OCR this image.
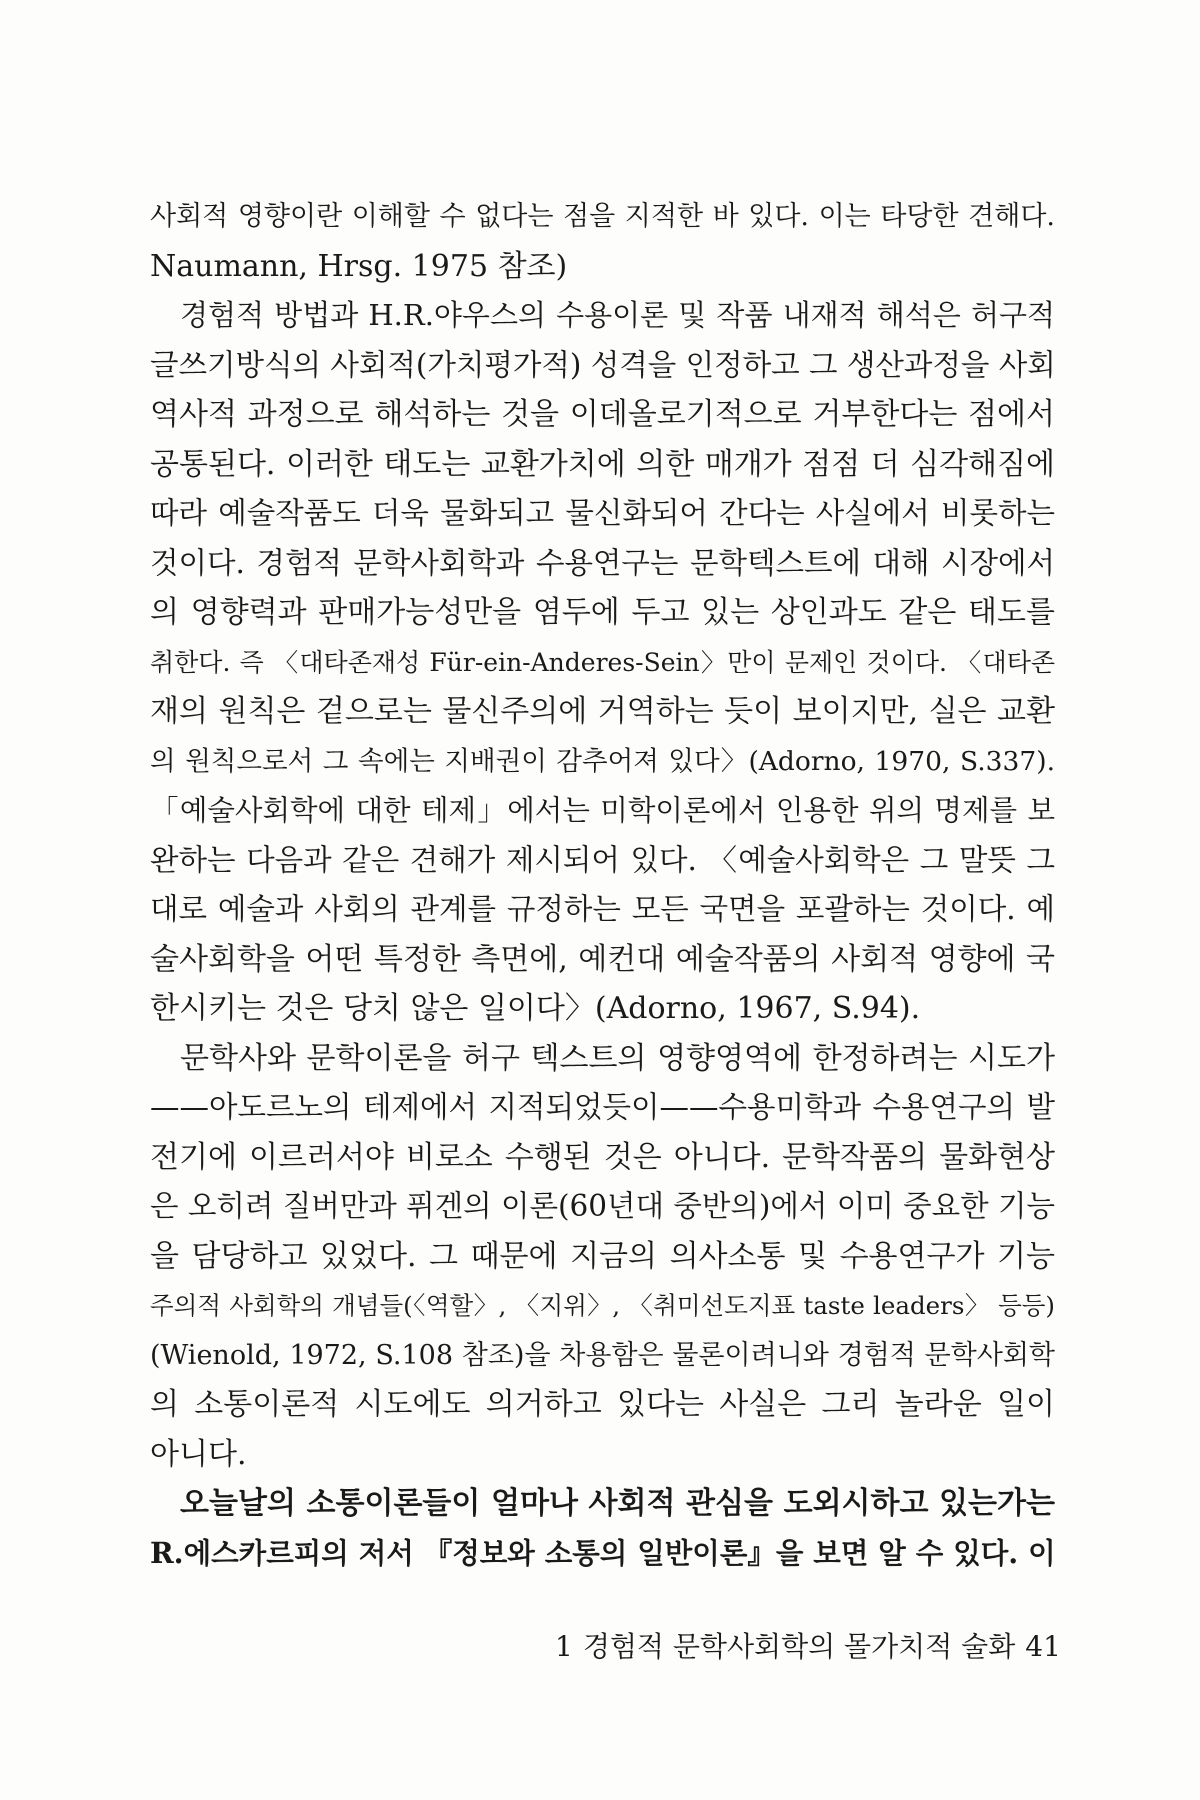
사회적 영향이란 이해할 수 없다는 점을 지적한 바 있다. 이는 타당한 견해다.
Naumann, Hrsg. 1975 참조)
경험적 방법과 H.R.야우스의 수용이론 및 작품 내재적 해석은 허구적
글쓰기방식의 사회적(가치평가적) 성격을 인정하고 그 생산과정을 사회
역사적 과정으로 해석하는 것을 이데올로기적으로 거부한다는 점에서
공통된다. 이러한 태도는 교환가치에 의한 매개가 점점 더 심각해짐에
따라 예술작품도 더욱 물화되고 물신화되어 간다는 사실에서 비롯하는
것이다. 경험적 문학사회학과 수용연구는 문학텍스트에 대해 시장에서
의 영향력과 판매가능성만을 염두에 두고 있는 상인과도 같은 태도를
취한다. 즉 〈대타존재성 Für-ein-Anderes-Sein〉만이 문제인 것이다. 〈대타존
재의 원칙은 겉으로는 물신주의에 거역하는 듯이 보이지만, 실은 교환
의 원칙으로서 그 속에는 지배권이 감추어져 있다〉(Adorno, 1970, S.337).
「예술사회학에 대한 테제」에서는 미학이론에서 인용한 위의 명제를 보
완하는 다음과 같은 견해가 제시되어 있다. 〈예술사회학은 그 말뜻 그
대로 예술과 사회의 관계를 규정하는 모든 국면을 포괄하는 것이다. 예
술사회학을 어떤 특정한 측면에, 예컨대 예술작품의 사회적 영향에 국
한시키는 것은 당치 않은 일이다〉(Adorno, 1967, S.94).
문학사와 문학이론을 허구 텍스트의 영향영역에 한정하려는 시도가
——아도르노의 테제에서 지적되었듯이——수용미학과 수용연구의 발
전기에 이르러서야 비로소 수행된 것은 아니다. 문학작품의 물화현상
은 오히려 질버만과 퓌겐의 이론(60년대 중반의)에서 이미 중요한 기능
을 담당하고 있었다. 그 때문에 지금의 의사소통 및 수용연구가 기능
주의적 사회학의 개념들(〈역할〉, 〈지위〉, 〈취미선도지표 taste leaders〉 등등)
(Wienold, 1972, S.108 참조)을 차용함은 물론이려니와 경험적 문학사회학
의 소통이론적 시도에도 의거하고 있다는 사실은 그리 놀라운 일이
아니다.
오늘날의 소통이론들이 얼마나 사회적 관심을 도외시하고 있는가는
R.에스카르피의 저서 『정보와 소통의 일반이론』을 보면 알 수 있다. 이
1 경험적 문학사회학의 몰가치적 술화 41
